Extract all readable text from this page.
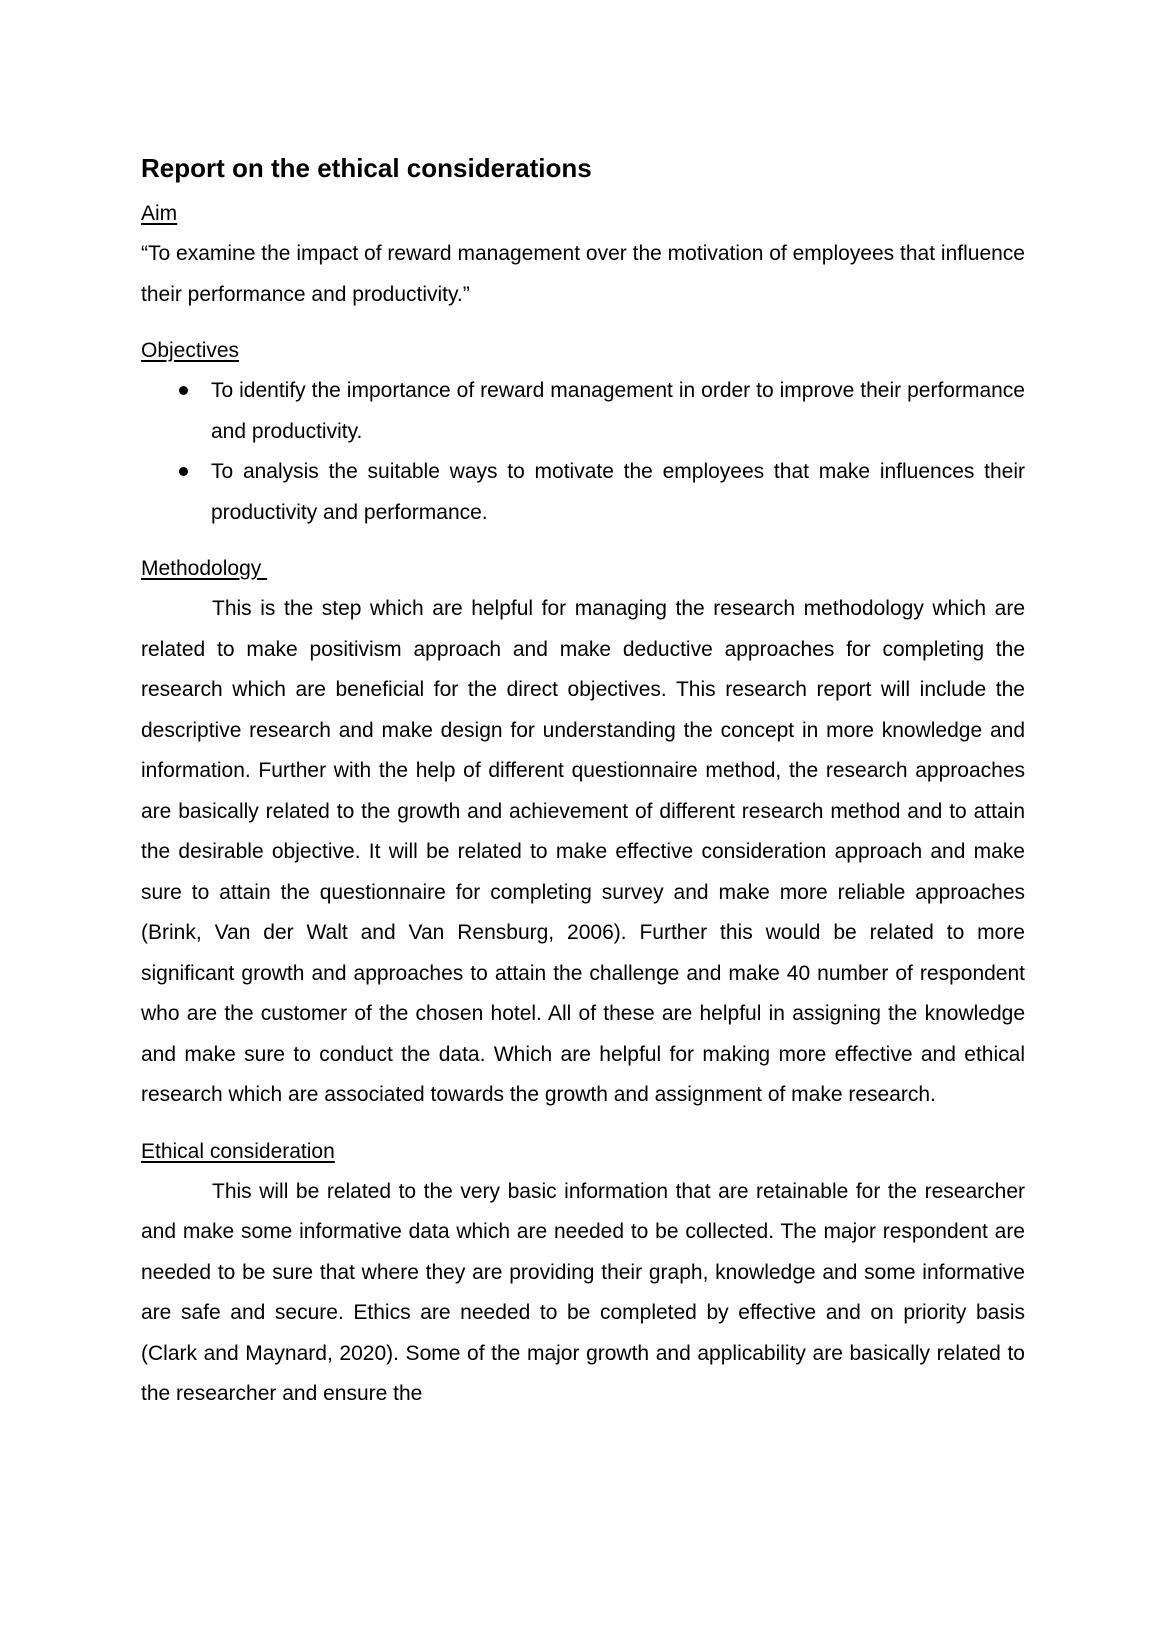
Report on the ethical considerations

Aim

“To examine the impact of reward management over the motivation of employees that influence their performance and productivity.”

Objectives

To identify the importance of reward management in order to improve their performance and productivity.
To analysis the suitable ways to motivate the employees that make influences their productivity and performance.

Methodology

This is the step which are helpful for managing the research methodology which are related to make positivism approach and make deductive approaches for completing the research which are beneficial for the direct objectives. This research report will include the descriptive research and make design for understanding the concept in more knowledge and information. Further with the help of different questionnaire method, the research approaches are basically related to the growth and achievement of different research method and to attain the desirable objective. It will be related to make effective consideration approach and make sure to attain the questionnaire for completing survey and make more reliable approaches (Brink, Van der Walt and Van Rensburg, 2006). Further this would be related to more significant growth and approaches to attain the challenge and make 40 number of respondent who are the customer of the chosen hotel. All of these are helpful in assigning the knowledge and make sure to conduct the data. Which are helpful for making more effective and ethical research which are associated towards the growth and assignment of make research.

Ethical consideration

This will be related to the very basic information that are retainable for the researcher and make some informative data which are needed to be collected. The major respondent are needed to be sure that where they are providing their graph, knowledge and some informative are safe and secure. Ethics are needed to be completed by effective and on priority basis (Clark and Maynard, 2020). Some of the major growth and applicability are basically related to the researcher and ensure the
